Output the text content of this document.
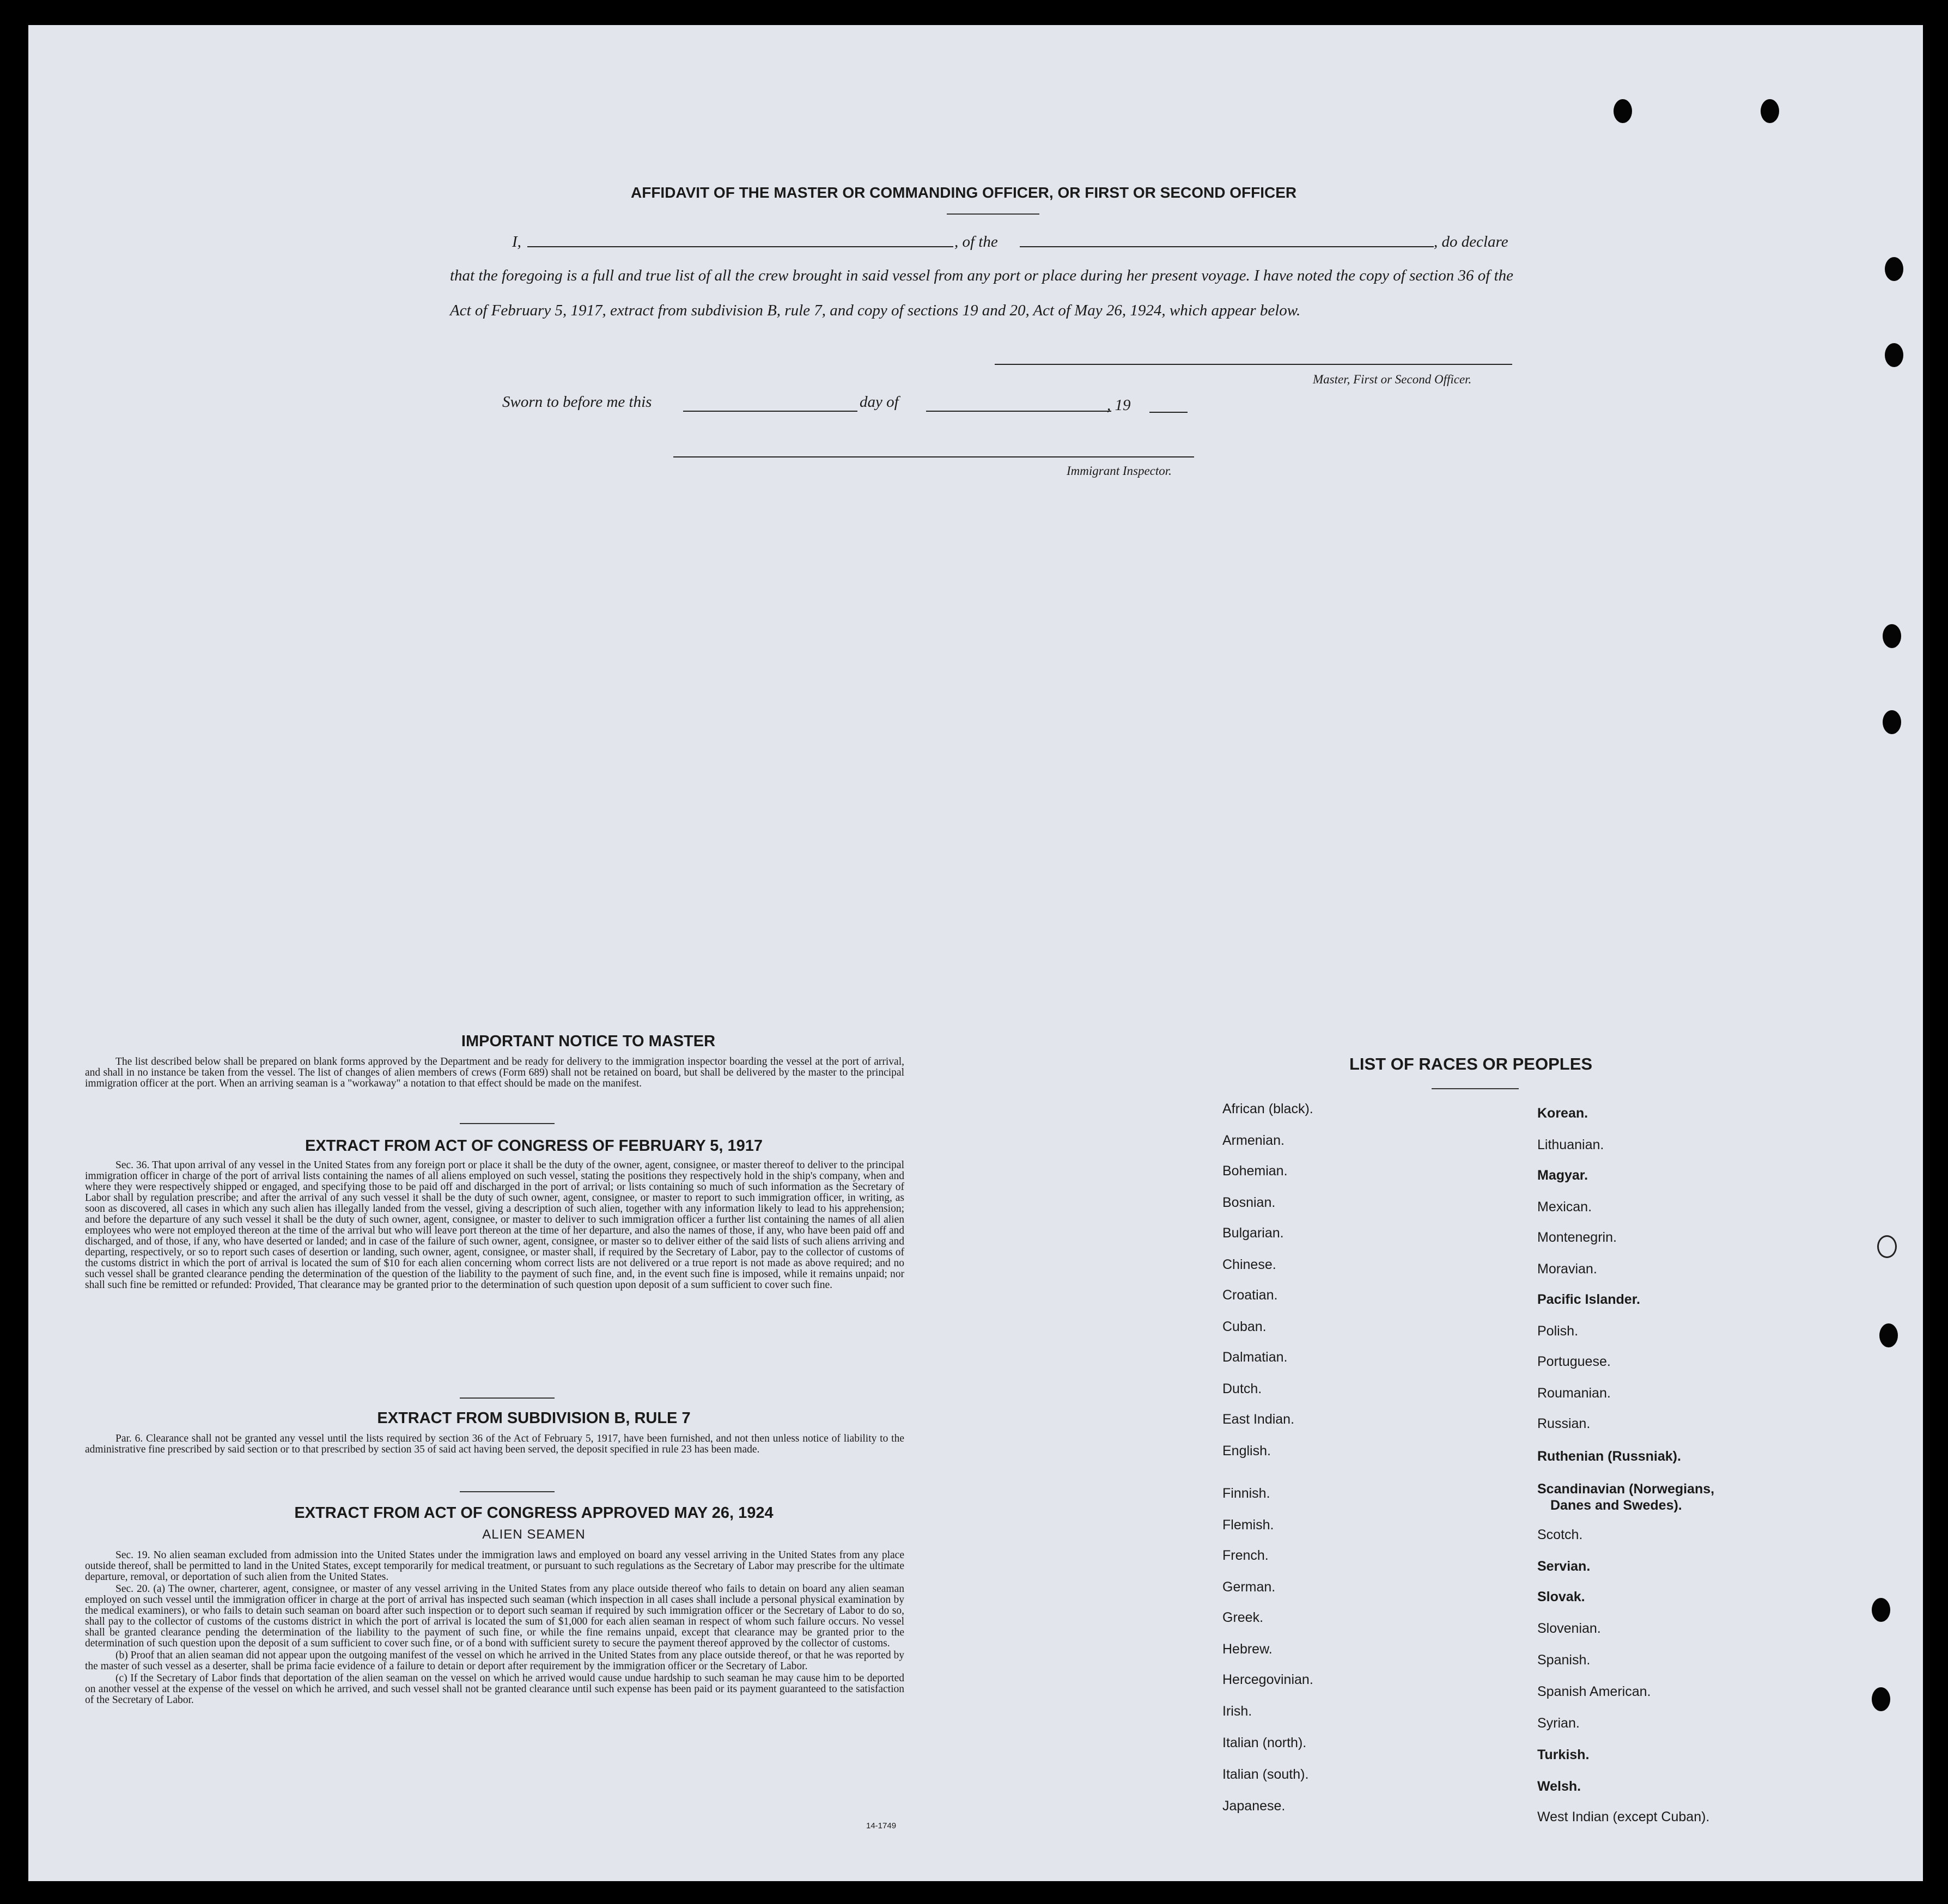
AFFIDAVIT OF THE MASTER OR COMMANDING OFFICER, OR FIRST OR SECOND OFFICER
I,	, of the	, do declare
that the foregoing is a full and true list of all the crew brought in said vessel from any port or place during her present voyage. I have noted the copy of section 36 of the Act of February 5, 1917, extract from subdivision B, rule 7, and copy of sections 19 and 20, Act of May 26, 1924, which appear below.
Master, First or Second Officer.
Sworn to before me this	day of	, 19
Immigrant Inspector.
IMPORTANT NOTICE TO MASTER

The list described below shall be prepared on blank forms approved by the Department and be ready for delivery to the immigration inspector boarding the vessel at the port of arrival, and shall in no instance be taken from the vessel. The list of changes of alien members of crews (Form 689) shall not be retained on board, but shall be delivered by the master to the principal immigration officer at the port. When an arriving seaman is a "workaway" a notation to that effect should be made on the manifest.

EXTRACT FROM ACT OF CONGRESS OF FEBRUARY 5, 1917

Sec. 36. That upon arrival of any vessel in the United States from any foreign port or place it shall be the duty of the owner, agent, consignee, or master thereof to deliver to the principal immigration officer in charge of the port of arrival lists containing the names of all aliens employed on such vessel, stating the positions they respectively hold in the ship's company, when and where they were respectively shipped or engaged, and specifying those to be paid off and discharged in the port of arrival; or lists containing so much of such information as the Secretary of Labor shall by regulation prescribe; and after the arrival of any such vessel it shall be the duty of such owner, agent, consignee, or master to report to such immigration officer, in writing, as soon as discovered, all cases in which any such alien has illegally landed from the vessel, giving a description of such alien, together with any information likely to lead to his apprehension; and before the departure of any such vessel it shall be the duty of such owner, agent, consignee, or master to deliver to such immigration officer a further list containing the names of all alien employees who were not employed thereon at the time of the arrival but who will leave port thereon at the time of her departure, and also the names of those, if any, who have been paid off and discharged, and of those, if any, who have deserted or landed; and in case of the failure of such owner, agent, consignee, or master so to deliver either of the said lists of such aliens arriving and departing, respectively, or so to report such cases of desertion or landing, such owner, agent, consignee, or master shall, if required by the Secretary of Labor, pay to the collector of customs of the customs district in which the port of arrival is located the sum of $10 for each alien concerning whom correct lists are not delivered or a true report is not made as above required; and no such vessel shall be granted clearance pending the determination of the question of the liability to the payment of such fine, and, in the event such fine is imposed, while it remains unpaid; nor shall such fine be remitted or refunded: Provided, That clearance may be granted prior to the determination of such question upon deposit of a sum sufficient to cover such fine.

EXTRACT FROM SUBDIVISION B, RULE 7

Par. 6. Clearance shall not be granted any vessel until the lists required by section 36 of the Act of February 5, 1917, have been furnished, and not then unless notice of liability to the administrative fine prescribed by said section or to that prescribed by section 35 of said act having been served, the deposit specified in rule 23 has been made.

EXTRACT FROM ACT OF CONGRESS APPROVED MAY 26, 1924
ALIEN SEAMEN

Sec. 19. No alien seaman excluded from admission into the United States under the immigration laws and employed on board any vessel arriving in the United States from any place outside thereof, shall be permitted to land in the United States, except temporarily for medical treatment, or pursuant to such regulations as the Secretary of Labor may prescribe for the ultimate departure, removal, or deportation of such alien from the United States.

Sec. 20. (a) The owner, charterer, agent, consignee, or master of any vessel arriving in the United States from any place outside thereof who fails to detain on board any alien seaman employed on such vessel until the immigration officer in charge at the port of arrival has inspected such seaman (which inspection in all cases shall include a personal physical examination by the medical examiners), or who fails to detain such seaman on board after such inspection or to deport such seaman if required by such immigration officer or the Secretary of Labor to do so, shall pay to the collector of customs of the customs district in which the port of arrival is located the sum of $1,000 for each alien seaman in respect of whom such failure occurs. No vessel shall be granted clearance pending the determination of the liability to the payment of such fine, or while the fine remains unpaid, except that clearance may be granted prior to the determination of such question upon the deposit of a sum sufficient to cover such fine, or of a bond with sufficient surety to secure the payment thereof approved by the collector of customs.

(b) Proof that an alien seaman did not appear upon the outgoing manifest of the vessel on which he arrived in the United States from any place outside thereof, or that he was reported by the master of such vessel as a deserter, shall be prima facie evidence of a failure to detain or deport after requirement by the immigration officer or the Secretary of Labor.

(c) If the Secretary of Labor finds that deportation of the alien seaman on the vessel on which he arrived would cause undue hardship to such seaman he may cause him to be deported on another vessel at the expense of the vessel on which he arrived, and such vessel shall not be granted clearance until such expense has been paid or its payment guaranteed to the satisfaction of the Secretary of Labor.

14-1749
LIST OF RACES OR PEOPLES
African (black).
Armenian.
Bohemian.
Bosnian.
Bulgarian.
Chinese.
Croatian.
Cuban.
Dalmatian.
Dutch.
East Indian.
English.
Finnish.
Flemish.
French.
German.
Greek.
Hebrew.
Hercegovinian.
Irish.
Italian (north).
Italian (south).
Japanese.
Korean.
Lithuanian.
Magyar.
Mexican.
Montenegrin.
Moravian.
Pacific Islander.
Polish.
Portuguese.
Roumanian.
Russian.
Ruthenian (Russniak).
Scandinavian (Norwegians,
Danes and Swedes).
Scotch.
Servian.
Slovak.
Slovenian.
Spanish.
Spanish American.
Syrian.
Turkish.
Welsh.
West Indian (except Cuban).
